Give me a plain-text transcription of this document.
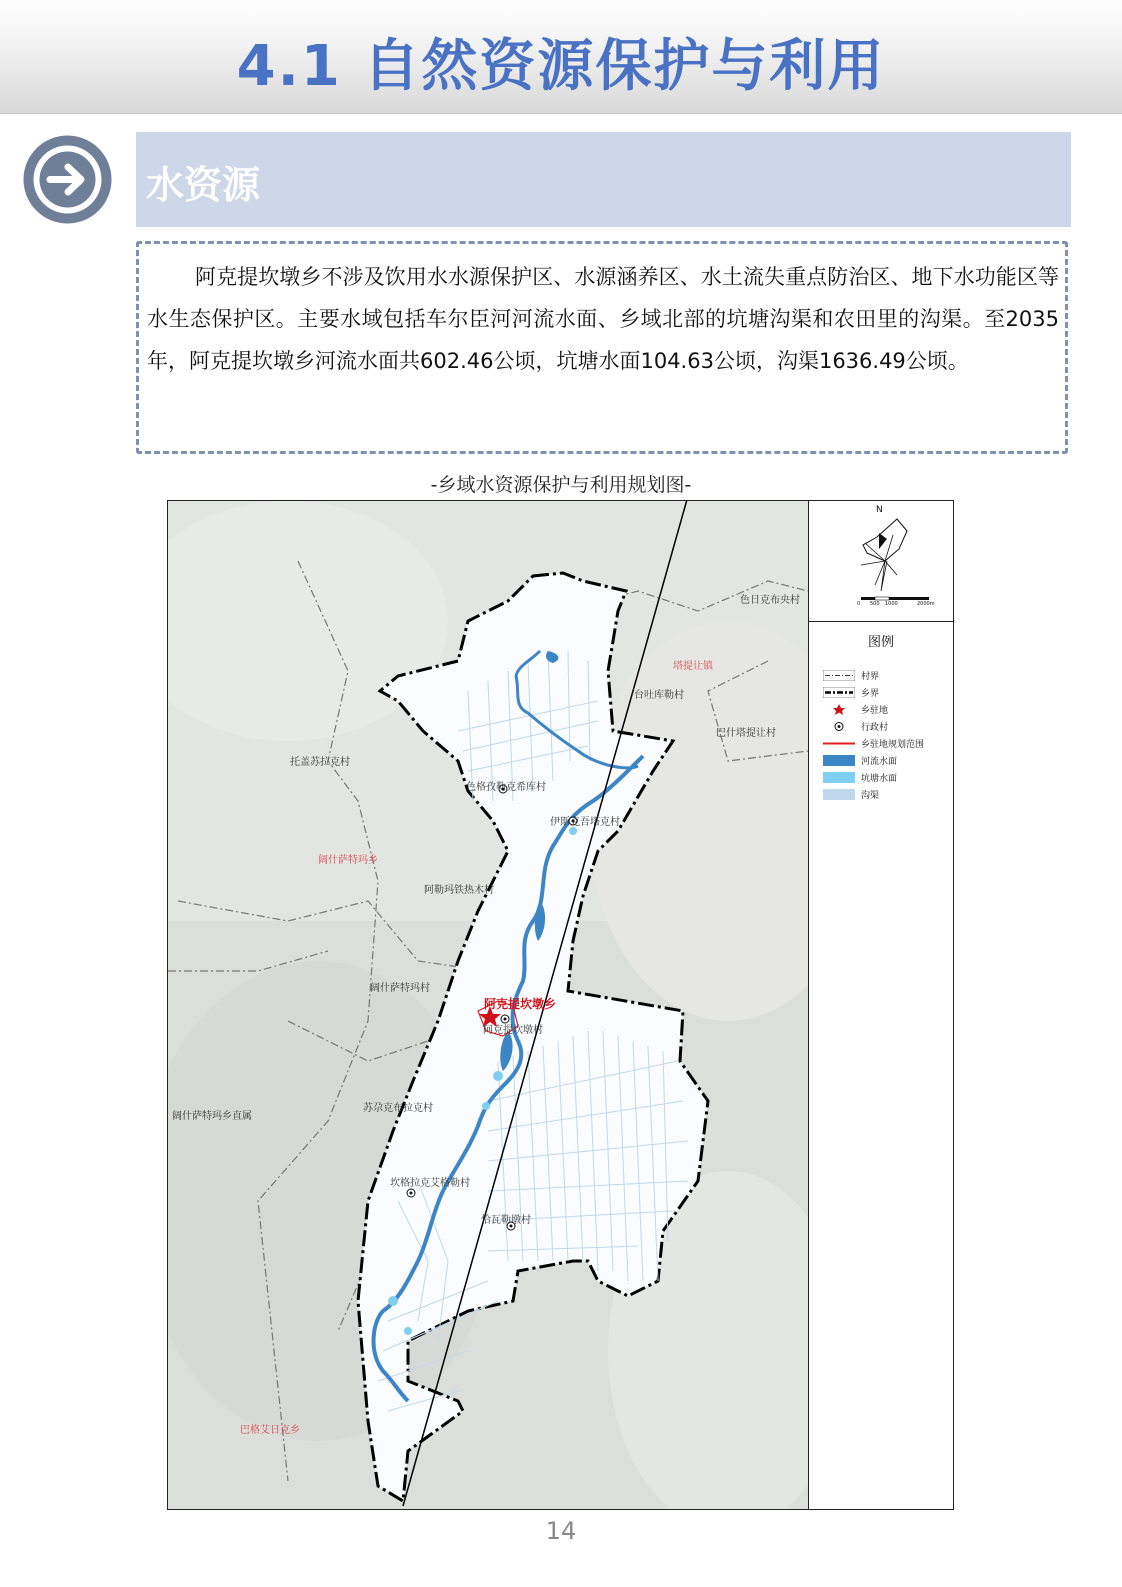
4.1 自然资源保护与利用
水资源
阿克提坎墩乡不涉及饮用水水源保护区、水源涵养区、水土流失重点防治区、地下水功能区等水生态保护区。主要水域包括车尔臣河河流水面、乡域北部的坑塘沟渠和农田里的沟渠。至2035年，阿克提坎墩乡河流水面共602.46公顷，坑塘水面104.63公顷，沟渠1636.49公顷。
-乡域水资源保护与利用规划图-
色日克布央村
塔提让镇
台吐库勒村
巴什塔提让村
托盖苏拉克村
色格孜勒克希库村
伊斯克吾塔克村
阔什萨特玛乡
阿勒玛铁热木村
阔什萨特玛村
阿克提坎墩乡
阿克提坎墩村
苏尕克布拉克村
阔什萨特玛乡直属
坎格拉克艾格勒村
恰瓦勒墩村
巴格艾日克乡
N
0 500 1000	2000m
图例
村界
乡界
乡驻地
行政村
乡驻地规划范围
河流水面
坑塘水面
沟渠
14
